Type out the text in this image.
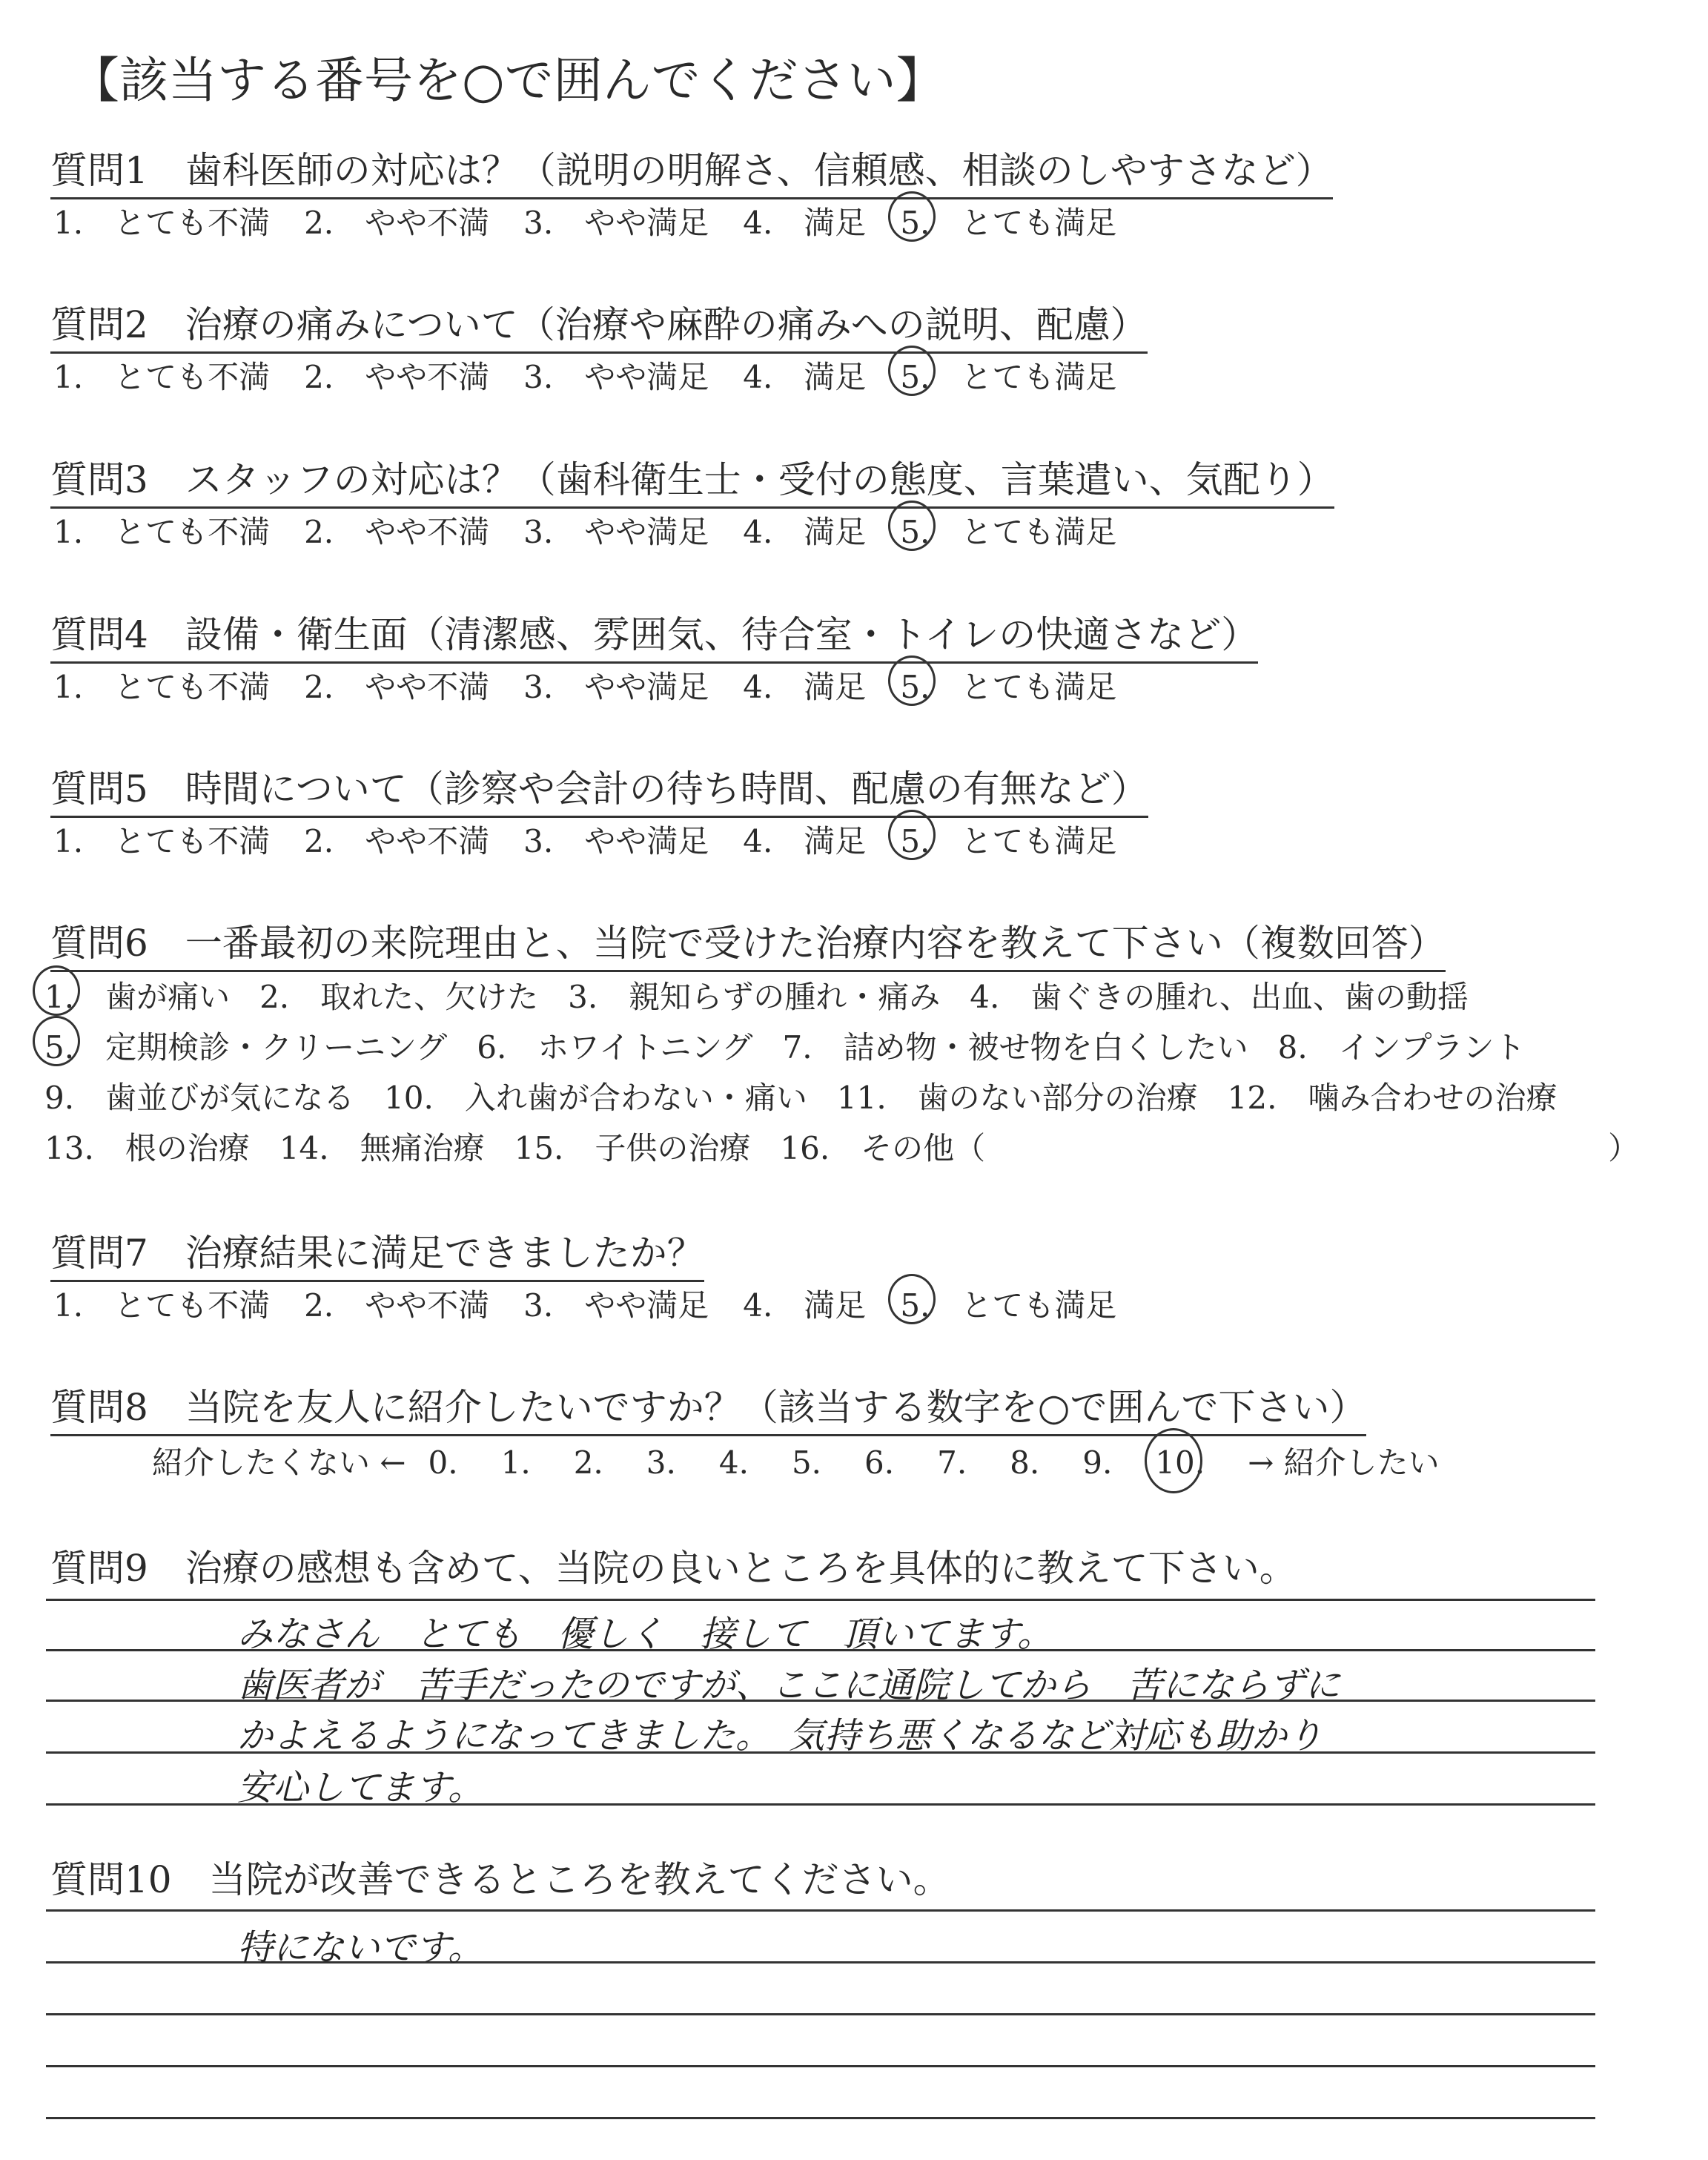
【該当する番号を○で囲んでください】
質問1　歯科医師の対応は？（説明の明解さ、信頼感、相談のしやすさなど）
1.　とても不満 2.　やや不満 3.　やや満足 4.　満足 5.　とても満足
質問2　治療の痛みについて（治療や麻酔の痛みへの説明、配慮）
1.　とても不満 2.　やや不満 3.　やや満足 4.　満足 5.　とても満足
質問3　スタッフの対応は？（歯科衛生士・受付の態度、言葉遣い、気配り）
1.　とても不満 2.　やや不満 3.　やや満足 4.　満足 5.　とても満足
質問4　設備・衛生面（清潔感、雰囲気、待合室・トイレの快適さなど）
1.　とても不満 2.　やや不満 3.　やや満足 4.　満足 5.　とても満足
質問5　時間について（診察や会計の待ち時間、配慮の有無など）
1.　とても不満 2.　やや不満 3.　やや満足 4.　満足 5.　とても満足
質問6　一番最初の来院理由と、当院で受けた治療内容を教えて下さい（複数回答）
1.　歯が痛い 2.　取れた、欠けた 3.　親知らずの腫れ・痛み 4.　歯ぐきの腫れ、出血、歯の動揺
5.　定期検診・クリーニング 6.　ホワイトニング 7.　詰め物・被せ物を白くしたい 8.　インプラント
9.　歯並びが気になる 10.　入れ歯が合わない・痛い 11.　歯のない部分の治療 12.　噛み合わせの治療
13.　根の治療 14.　無痛治療 15.　子供の治療 16.　その他（　　　　　　　　　　　　　　　　　　　　）
質問7　治療結果に満足できましたか？
1.　とても不満 2.　やや不満 3.　やや満足 4.　満足 5.　とても満足
質問8　当院を友人に紹介したいですか？（該当する数字を○で囲んで下さい）
紹介したくない ← 0. 1. 2. 3. 4. 5. 6. 7. 8. 9. 10. → 紹介したい
質問9　治療の感想も含めて、当院の良いところを具体的に教えて下さい。
みなさん　とても　優しく　接して　頂いてます。
歯医者が　苦手だったのですが、ここに通院してから　苦にならずに
かよえるようになってきました。　気持ち悪くなるなど対応も助かり
安心してます。
質問10　当院が改善できるところを教えてください。
特にないです。
